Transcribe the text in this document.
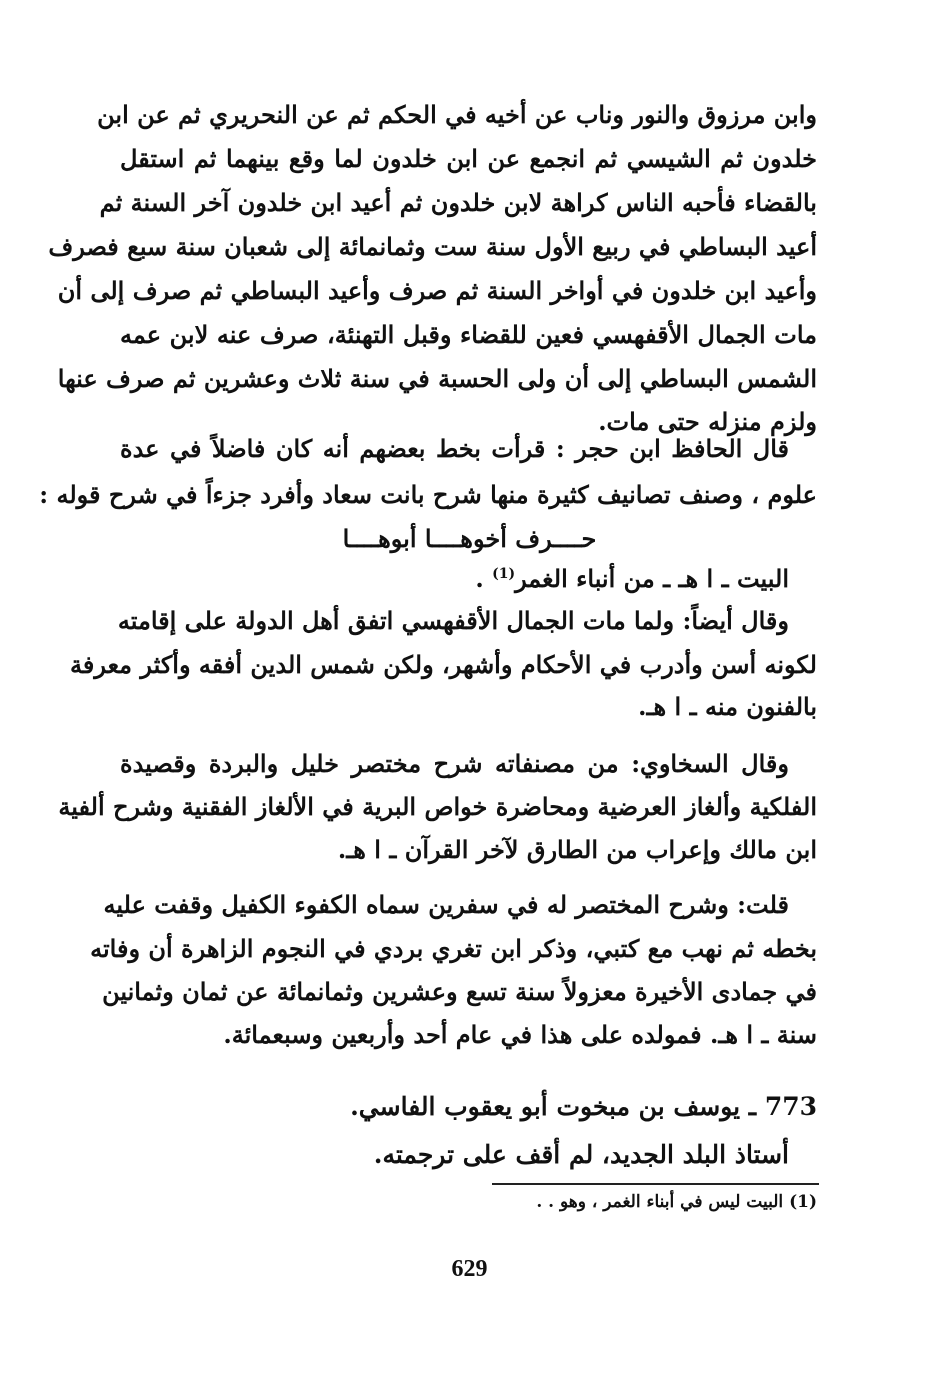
وابن مرزوق والنور وناب عن أخيه في الحكم ثم عن النحريري ثم عن ابن
خلدون ثم الشيسي ثم انجمع عن ابن خلدون لما وقع بينهما ثم استقل
بالقضاء فأحبه الناس كراهة لابن خلدون ثم أعيد ابن خلدون آخر السنة ثم
أعيد البساطي في ربيع الأول سنة ست وثمانمائة إلى شعبان سنة سبع فصرف
وأعيد ابن خلدون في أواخر السنة ثم صرف وأعيد البساطي ثم صرف إلى أن
مات الجمال الأقفهسي فعين للقضاء وقبل التهنئة، صرف عنه لابن عمه
الشمس البساطي إلى أن ولى الحسبة في سنة ثلاث وعشرين ثم صرف عنها
ولزم منزله حتى مات.
قال الحافظ ابن حجر : قرأت بخط بعضهم أنه كان فاضلاً في عدة
علوم ، وصنف تصانيف كثيرة منها شرح بانت سعاد وأفرد جزءاً في شرح قوله :
حــــرف أخوهــــا أبوهــــا
البيت ـ ا هـ ـ من أنباء الغمر$^{(1)}$ .
وقال أيضاً: ولما مات الجمال الأقفهسي اتفق أهل الدولة على إقامته
لكونه أسن وأدرب في الأحكام وأشهر، ولكن شمس الدين أفقه وأكثر معرفة
بالفنون منه ـ ا هـ.
وقال السخاوي: من مصنفاته شرح مختصر خليل والبردة وقصيدة
الفلكية وألغاز العرضية ومحاضرة خواص البرية في الألغاز الفقنية وشرح ألفية
ابن مالك وإعراب من الطارق لآخر القرآن ـ ا هـ.
قلت: وشرح المختصر له في سفرين سماه الكفوء الكفيل وقفت عليه
بخطه ثم نهب مع كتبي، وذكر ابن تغري بردي في النجوم الزاهرة أن وفاته
في جمادى الأخيرة معزولاً سنة تسع وعشرين وثمانمائة عن ثمان وثمانين
سنة ـ ا هـ. فمولده على هذا في عام أحد وأربعين وسبعمائة.
773 ـ يوسف بن مبخوت أبو يعقوب الفاسي.
أستاذ البلد الجديد، لم أقف على ترجمته.
(1) البيت ليس في أبناء الغمر ، وهو . .
629
